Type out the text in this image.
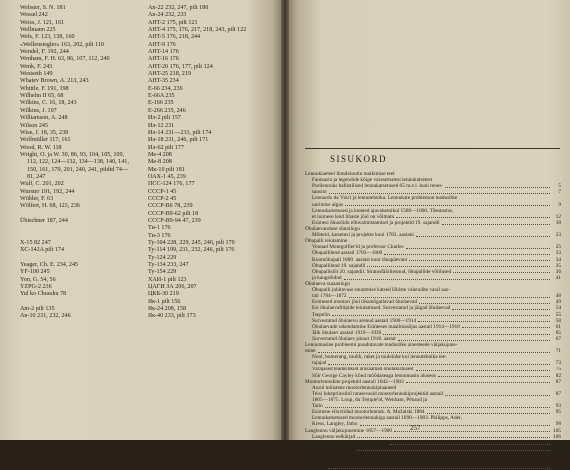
Webster, S. N. 181
Wessel 242
Weiss, J. 121, 161
Wellmann 225
Wels, F. 123, 138, 160
«Wellensiegler» 163, 202, pilt 110
Wendel, F. 192, 244
Wenham, F. H. 63, 86, 107, 112, 240
Wenk, F. 243
Westseth 149
Whatev Brown, A. 213, 243
Whittle, F. 191, 198
Wilhelm II 65, 68
Wilkins, C. 16, 18, 243
Wilkins, J. 197
Williamson, A. 248
Wilson 245
Wise, J. 18, 35, 238
Wolfmüller 117, 161
Wood, R. W. 118
Wright, O. ja W. 30, 86, 93, 104, 105, 109,
112, 122, 124—132, 134—138, 140, 141,
150, 161, 179, 201, 240, 241, pildid 74—
81, 247
Wulf, C. 201, 202
Wurster 191, 192, 244
Wöhler, F. 63
Wölfert, H. 68, 123, 236
Übischner 187, 244
X-15 82 247
XC-142A pilt 174
Yeager, Ch. E. 234, 245
YF-100 245
Yon, G. 54, 56
YZPG-2 236
Yul ko Chussku 78
Am-2 pilt 135
An-10 231, 232, 246
An-22 232, 247, pilt 180
An-24 232, 233
AHT-2 175, pilt 121
AHT-4 175, 176, 217, 218, 243, pilt 122
AHT-5 176, 218, 244
AHT-9 176
AHT-14 176
AHT-16 176
AHT-20 176, 177, pilt 124
AHT-25 218, 219
AHT-35 234
E-66 234, 236
E-66A 235
E-166 235
E-266 235, 246
Ил-2 pilt 157
Ил-12 231
Ил-14 231—233, pilt 174
Ил-18 231, 246, pilt 171
Ил-62 pilt 177
Ме-4 208
Ме-8 208
Мк-10 pilt 181
ОАХ-1 45, 239
ПСС-124 176, 177
СССР-1 45
СССР-2 45
СССР-В6 78, 239
СССР-В9-62 pilt 18
СССР-В9-94 47, 239
Ти-1 176
Ти-3 176
Ту-104 228, 229, 245, 246, pilt 170
Ту-114 199, 231, 232, 246, pilt 176
Ту-124 229
Ту-134 233, 247
Ту-154 229
ХАИ-1 pilt 123
ЦАГИ ЗА 206, 207
ЦКБ-30 219
Як-1 pilt 156
Як-24 208, 158
Як-40 233, pilt 173
SISUKORD
Lennukiaeteel lintuleinutin maikimise teel
Fantaasia ja legendide kõige varasematest lennukatsetest
Purilennuks ballistilised lennukatsetused 65 m.e.l. kuni renes-	5
sansini	7
Leonardo da Vinci ja lennutehnika. Lennukate problemon teaduslike
uurimise algus	9
Lennukatsetused ja koneed ajavahemikul 1580—1800. Tõestustus,
et inimese lend lihaste jõul on võimatu	12
Esimesi õhusõidu elluvalmistamisel ja projektid 19. sajandil	18
Õhulaevanduse sünnilugu
Mõtteid, katsetusi ja projekte kuni 1783. aastani	23
Õhupalli leiutamine
Vennad Montgolfier'id ja professor Charles	25
Õhupallilend aastail 1783—1800	33
Kuumõhupall 1800. aastast kuni tänapäevani	34
Õhupallilend 19. sajandil	35
Õhupallisõit 20. sajandil. Stratosfäärilennud, õhupallide võitlused	36
ja kaugsõidud	41
Õhulaeva ssaaaulugu
Õhupalli juhitavuse muutmise katsed lõbiste vahendite varal aas-
tail 1784—1872	48
Esimesed mootori jõul tõkunõgatlavad õhulaevad	49
Esi õhulaevafitipide leiutamised. Survestatud ja jäigad õhulaevad	54
Tsepelin	55
Survestatud õhulaevu arenud aastail 1900—1914	58
Õhulaevade rakendamine Esimeses maailmasõjas aastail 1914—1918	61
Jäik õhulaev aastail 1919—1939	65
Survestatud õhulaev pärast 1918. aastat	67
Lennumasine probleemi puudutavate teaduslike ainesteede väljakujune-
mine	71
Nool, bumerang, tuulik, raket ja tuulelohe kui lennutehnika tee-
rajajad	73
Varajased teaduslikud arusaamad õhutakistusest	75
Sõir George Cayley kõnd mõõdaseaga lennumasin aluseos	82
Mootorlennukite projektid aastail 1842—1903	87
Aurul mõistene mootorlennukiplaaneed
Teisi lohepriinsibil ratasevasid mootorlennukiprojektid aastail	87
1805—1875. Loup, du Temple'id, Wenham, Pénaud ja
Tatin	93
Esimene elluviidud mootorlennuk. A. Možaiski 1884	95
Lennukatsetused mootorlennukiga aastail 1890—1903. Philipps, Ader,
Kress, Langley, Jatho	98
Lauglennu väljakujunemine 1857—1900	105
Lauglennu eelkäijad	106
Otto Lilienthal teeb lauglennu teeks	110
Lilienthali koolkond	118
Mootorlennu teokssaamine
Gottlieb Daimler ja auto põhjevaa sõvagu sisepõlemismootori leiu-
tamine	123
257
